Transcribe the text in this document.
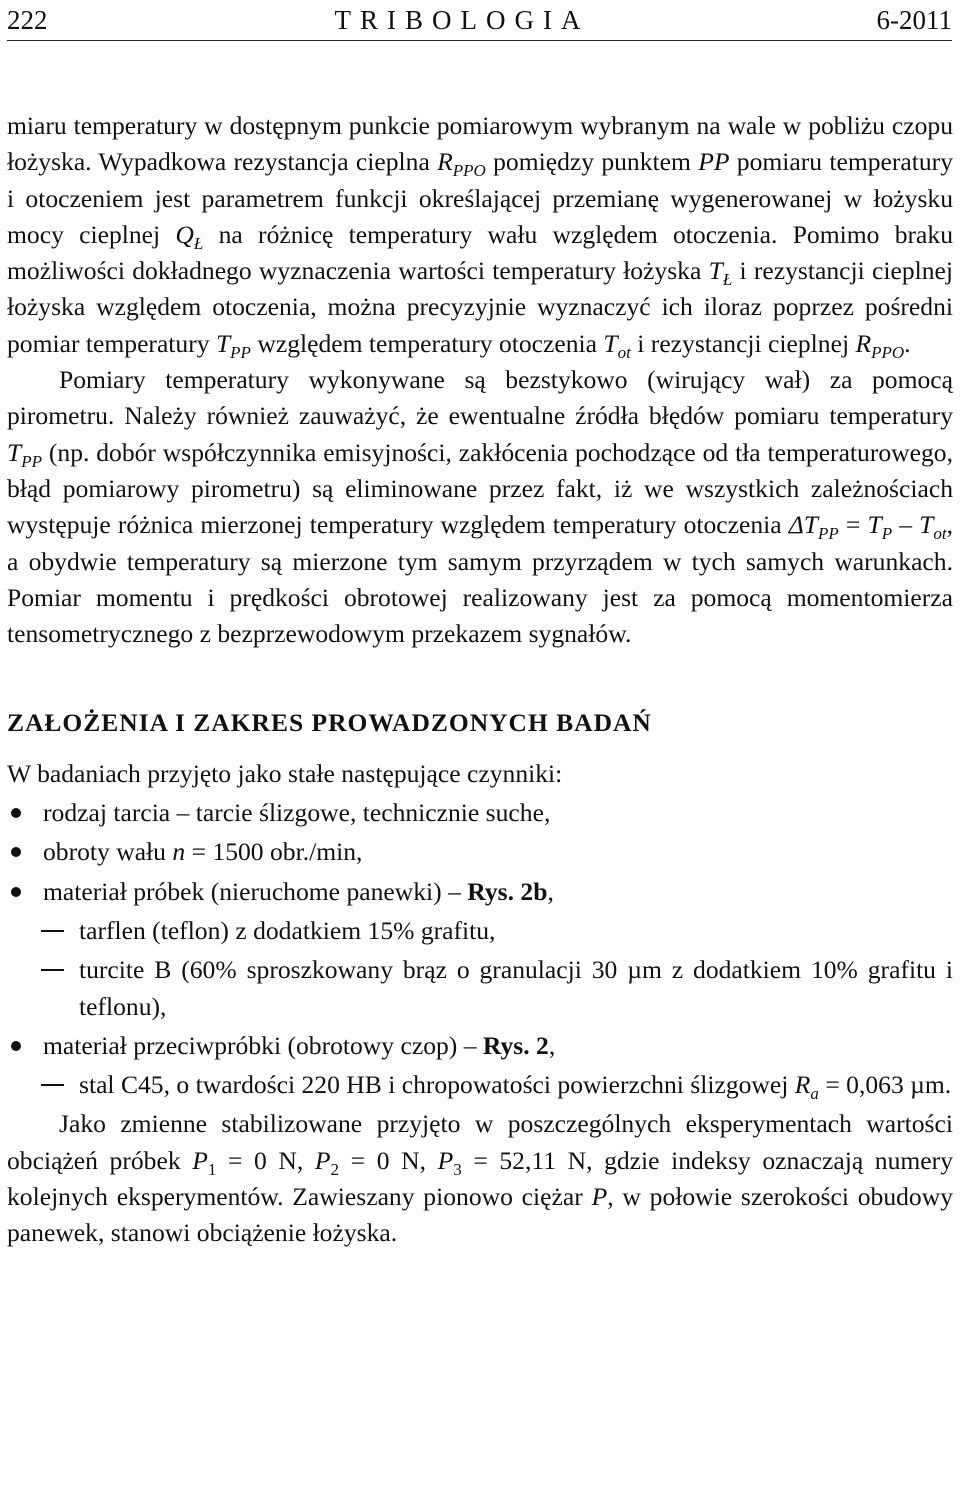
222	TRIBOLOGIA	6-2011

miaru temperatury w dostępnym punkcie pomiarowym wybranym na wale w pobliżu czopu łożyska. Wypadkowa rezystancja cieplna $R_{PPO}$ pomiędzy punktem PP pomiaru temperatury i otoczeniem jest parametrem funkcji określającej przemianę wygenerowanej w łożysku mocy cieplnej $Q_Ł$ na różnicę temperatury wału względem otoczenia. Pomimo braku możliwości dokładnego wyznaczenia wartości temperatury łożyska $T_Ł$ i rezystancji cieplnej łożyska względem otoczenia, można precyzyjnie wyznaczyć ich iloraz poprzez pośredni pomiar temperatury $T_{PP}$ względem temperatury otoczenia $T_{ot}$ i rezystancji cieplnej $R_{PPO}$.

Pomiary temperatury wykonywane są bezstykowo (wirujący wał) za pomocą pirometru. Należy również zauważyć, że ewentualne źródła błędów pomiaru temperatury $T_{PP}$ (np. dobór współczynnika emisyjności, zakłócenia pochodzące od tła temperaturowego, błąd pomiarowy pirometru) są eliminowane przez fakt, iż we wszystkich zależnościach występuje różnica mierzonej temperatury względem temperatury otoczenia $\Delta T_{PP} = T_P - T_{ot}$, a obydwie temperatury są mierzone tym samym przyrządem w tych samych warunkach. Pomiar momentu i prędkości obrotowej realizowany jest za pomocą momentomierza tensometrycznego z bezprzewodowym przekazem sygnałów.

ZAŁOŻENIA I ZAKRES PROWADZONYCH BADAŃ

W badaniach przyjęto jako stałe następujące czynniki:

rodzaj tarcia – tarcie ślizgowe, technicznie suche,
obroty wału n = 1500 obr./min,
materiał próbek (nieruchome panewki) – Rys. 2b,
tarflen (teflon) z dodatkiem 15% grafitu,
turcite B (60% sproszkowany brąz o granulacji 30 µm z dodatkiem 10% grafitu i teflonu),
materiał przeciwpróbki (obrotowy czop) – Rys. 2,
stal C45, o twardości 220 HB i chropowatości powierzchni ślizgowej $R_a = 0,063$ µm.

Jako zmienne stabilizowane przyjęto w poszczególnych eksperymentach wartości obciążeń próbek $P_1 = 0$ N, $P_2 = 0$ N, $P_3 = 52,11$ N, gdzie indeksy oznaczają numery kolejnych eksperymentów. Zawieszany pionowo ciężar P, w połowie szerokości obudowy panewek, stanowi obciążenie łożyska.
